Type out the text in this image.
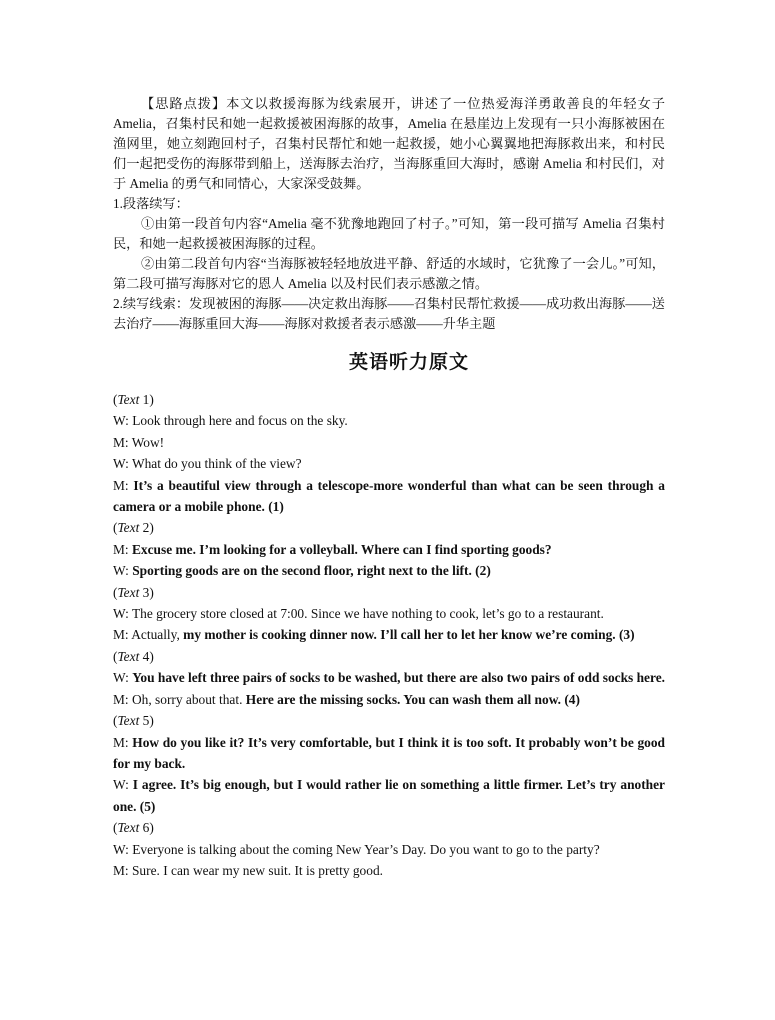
【思路点拨】本文以救援海豚为线索展开，讲述了一位热爱海洋勇敢善良的年轻女子Amelia，召集村民和她一起救援被困海豚的故事，Amelia 在悬崖边上发现有一只小海豚被困在渔网里，她立刻跑回村子，召集村民帮忙和她一起救援，她小心翼翼地把海豚救出来，和村民们一起把受伤的海豚带到船上，送海豚去治疗，当海豚重回大海时，感谢 Amelia 和村民们，对于 Amelia 的勇气和同情心，大家深受鼓舞。

1.段落续写：

①由第一段首句内容“Amelia 毫不犹豫地跑回了村子。”可知，第一段可描写 Amelia 召集村民，和她一起救援被困海豚的过程。

②由第二段首句内容“当海豚被轻轻地放进平静、舒适的水域时，它犹豫了一会儿。”可知，第二段可描写海豚对它的恩人 Amelia 以及村民们表示感激之情。

2.续写线索：发现被困的海豚——决定救出海豚——召集村民帮忙救援——成功救出海豚——送去治疗——海豚重回大海——海豚对救援者表示感激——升华主题

英语听力原文

(Text 1)

W: Look through here and focus on the sky.

M: Wow!

W: What do you think of the view?

M: It’s a beautiful view through a telescope-more wonderful than what can be seen through a camera or a mobile phone. (1)

(Text 2)

M: Excuse me. I’m looking for a volleyball. Where can I find sporting goods?

W: Sporting goods are on the second floor, right next to the lift. (2)

(Text 3)

W: The grocery store closed at 7:00. Since we have nothing to cook, let’s go to a restaurant.

M: Actually, my mother is cooking dinner now. I’ll call her to let her know we’re coming. (3)

(Text 4)

W: You have left three pairs of socks to be washed, but there are also two pairs of odd socks here.

M: Oh, sorry about that. Here are the missing socks. You can wash them all now. (4)

(Text 5)

M: How do you like it? It’s very comfortable, but I think it is too soft. It probably won’t be good for my back.

W: I agree. It’s big enough, but I would rather lie on something a little firmer. Let’s try another one. (5)

(Text 6)

W: Everyone is talking about the coming New Year’s Day. Do you want to go to the party?

M: Sure. I can wear my new suit. It is pretty good.
